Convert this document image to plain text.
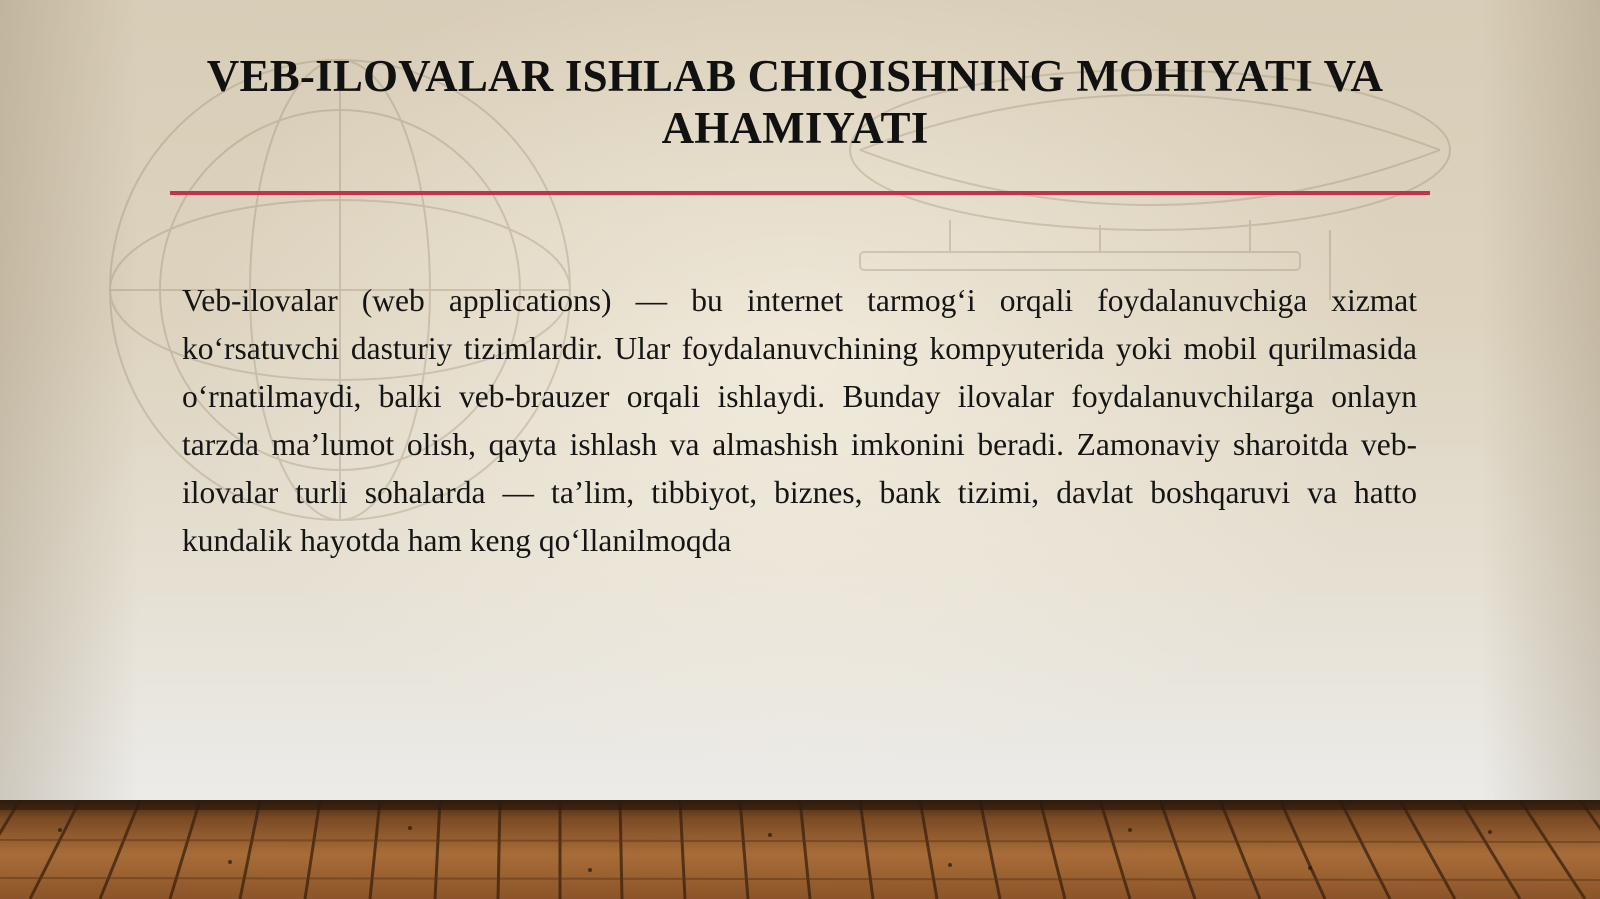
VEB-ILOVALAR ISHLAB CHIQISHNING MOHIYATI VA AHAMIYATI

Veb-ilovalar (web applications) — bu internet tarmog‘i orqali foydalanuvchiga xizmat ko‘rsatuvchi dasturiy tizimlardir. Ular foydalanuvchining kompyuterida yoki mobil qurilmasida o‘rnatilmaydi, balki veb-brauzer orqali ishlaydi. Bunday ilovalar foydalanuvchilarga onlayn tarzda ma’lumot olish, qayta ishlash va almashish imkonini beradi. Zamonaviy sharoitda veb-ilovalar turli sohalarda — ta’lim, tibbiyot, biznes, bank tizimi, davlat boshqaruvi va hatto kundalik hayotda ham keng qo‘llanilmoqda
